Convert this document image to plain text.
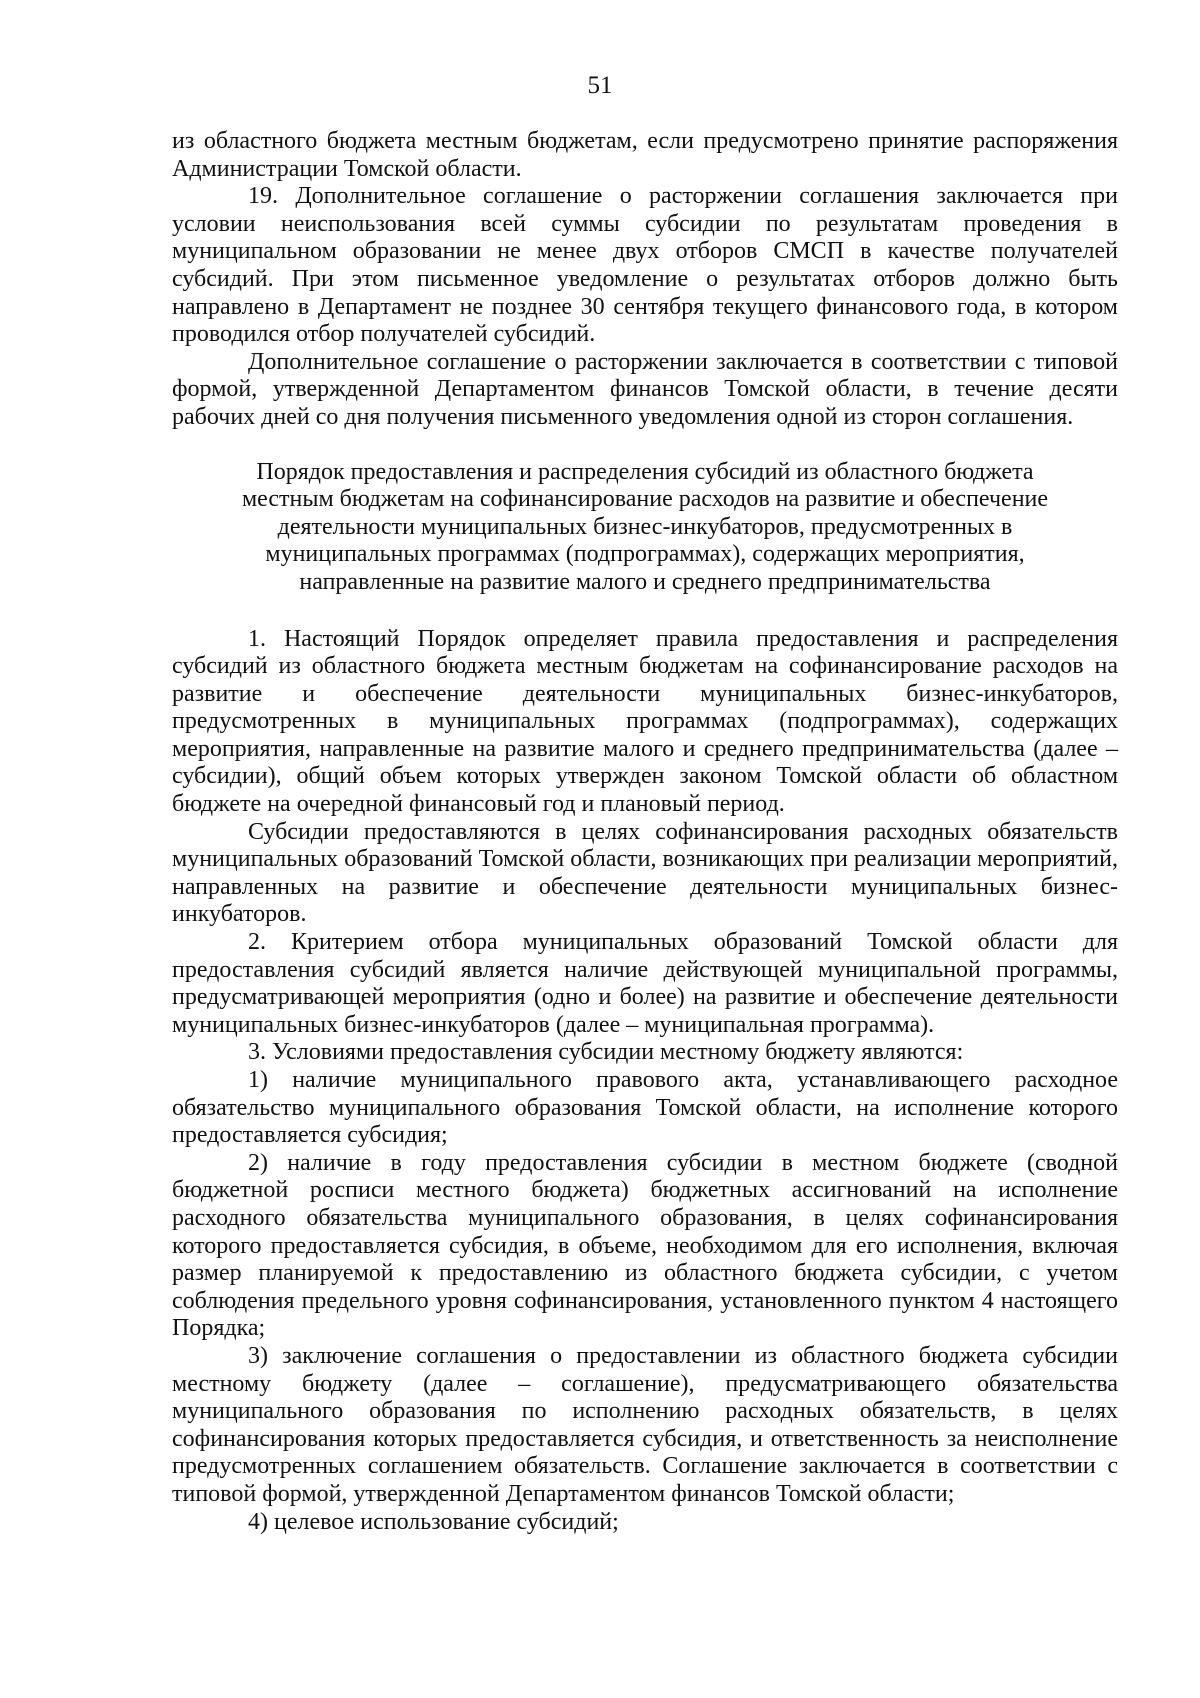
51

из областного бюджета местным бюджетам, если предусмотрено принятие распоряжения Администрации Томской области.

19. Дополнительное соглашение о расторжении соглашения заключается при условии неиспользования всей суммы субсидии по результатам проведения в муниципальном образовании не менее двух отборов СМСП в качестве получателей субсидий. При этом письменное уведомление о результатах отборов должно быть направлено в Департамент не позднее 30 сентября текущего финансового года, в котором проводился отбор получателей субсидий.

Дополнительное соглашение о расторжении заключается в соответствии с типовой формой, утвержденной Департаментом финансов Томской области, в течение десяти рабочих дней со дня получения письменного уведомления одной из сторон соглашения.

Порядок предоставления и распределения субсидий из областного бюджета местным бюджетам на софинансирование расходов на развитие и обеспечение деятельности муниципальных бизнес-инкубаторов, предусмотренных в муниципальных программах (подпрограммах), содержащих мероприятия, направленные на развитие малого и среднего предпринимательства

1. Настоящий Порядок определяет правила предоставления и распределения субсидий из областного бюджета местным бюджетам на софинансирование расходов на развитие и обеспечение деятельности муниципальных бизнес-инкубаторов, предусмотренных в муниципальных программах (подпрограммах), содержащих мероприятия, направленные на развитие малого и среднего предпринимательства (далее – субсидии), общий объем которых утвержден законом Томской области об областном бюджете на очередной финансовый год и плановый период.

Субсидии предоставляются в целях софинансирования расходных обязательств муниципальных образований Томской области, возникающих при реализации мероприятий, направленных на развитие и обеспечение деятельности муниципальных бизнес-инкубаторов.

2. Критерием отбора муниципальных образований Томской области для предоставления субсидий является наличие действующей муниципальной программы, предусматривающей мероприятия (одно и более) на развитие и обеспечение деятельности муниципальных бизнес-инкубаторов (далее – муниципальная программа).

3. Условиями предоставления субсидии местному бюджету являются:

1) наличие муниципального правового акта, устанавливающего расходное обязательство муниципального образования Томской области, на исполнение которого предоставляется субсидия;

2) наличие в году предоставления субсидии в местном бюджете (сводной бюджетной росписи местного бюджета) бюджетных ассигнований на исполнение расходного обязательства муниципального образования, в целях софинансирования которого предоставляется субсидия, в объеме, необходимом для его исполнения, включая размер планируемой к предоставлению из областного бюджета субсидии, с учетом соблюдения предельного уровня софинансирования, установленного пунктом 4 настоящего Порядка;

3) заключение соглашения о предоставлении из областного бюджета субсидии местному бюджету (далее – соглашение), предусматривающего обязательства муниципального образования по исполнению расходных обязательств, в целях софинансирования которых предоставляется субсидия, и ответственность за неисполнение предусмотренных соглашением обязательств. Соглашение заключается в соответствии с типовой формой, утвержденной Департаментом финансов Томской области;

4) целевое использование субсидий;
